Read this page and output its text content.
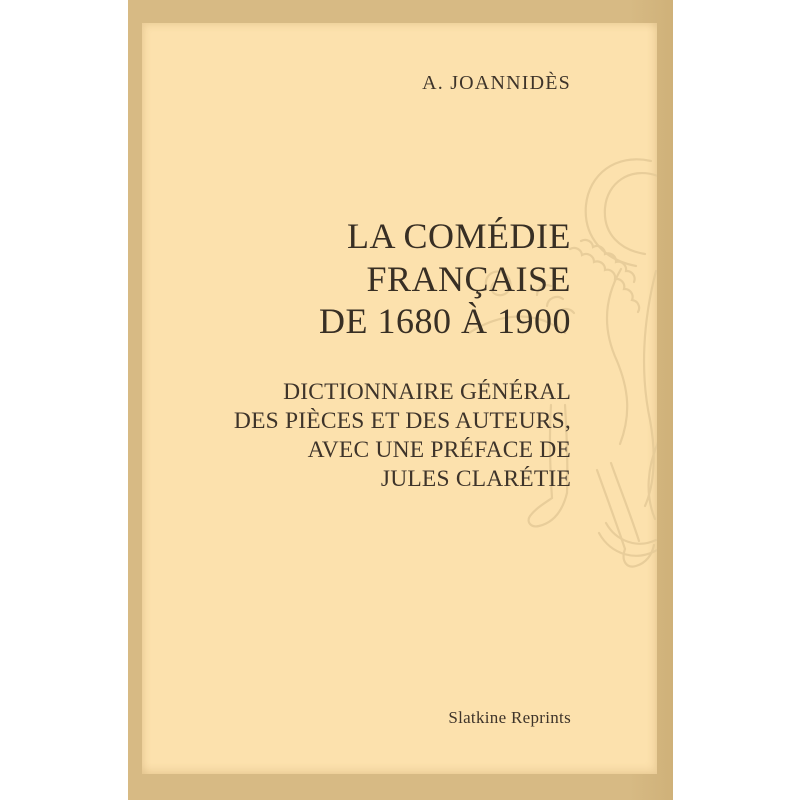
A. JOANNIDÈS
LA COMÉDIE
FRANÇAISE
DE 1680 À 1900
DICTIONNAIRE GÉNÉRAL
DES PIÈCES ET DES AUTEURS,
AVEC UNE PRÉFACE DE
JULES CLARÉTIE
Slatkine Reprints
